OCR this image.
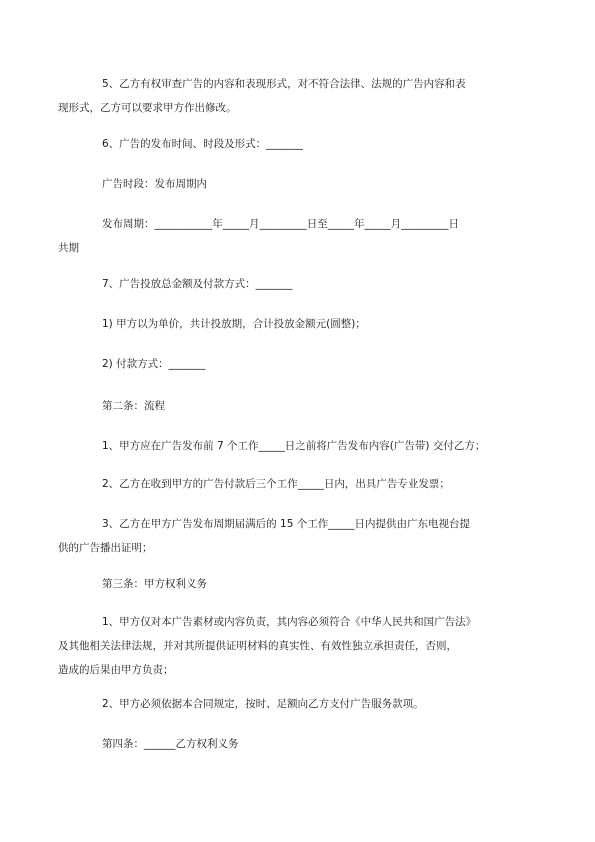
5、乙方有权审查广告的内容和表现形式，对不符合法律、法规的广告内容和表
现形式，乙方可以要求甲方作出修改。

6、广告的发布时间、时段及形式：_______

广告时段：发布周期内

发布周期：___________年_____月_________日至_____年_____月_________日
共期

7、广告投放总金额及付款方式：_______

1) 甲方以为单价，共计投放期，合计投放金额元(圆整)；

2) 付款方式：_______

第二条：流程

1、甲方应在广告发布前 7 个工作_____日之前将广告发布内容(广告带) 交付乙方；

2、乙方在收到甲方的广告付款后三个工作_____日内，出具广告专业发票；

3、乙方在甲方广告发布周期届满后的 15 个工作_____日内提供由广东电视台提
供的广告播出证明；

第三条：甲方权利义务

1、甲方仅对本广告素材或内容负责，其内容必须符合《中华人民共和国广告法》
及其他相关法律法规，并对其所提供证明材料的真实性、有效性独立承担责任，否则，
造成的后果由甲方负责；

2、甲方必须依据本合同规定，按时、足额向乙方支付广告服务款项。

第四条：______乙方权利义务
